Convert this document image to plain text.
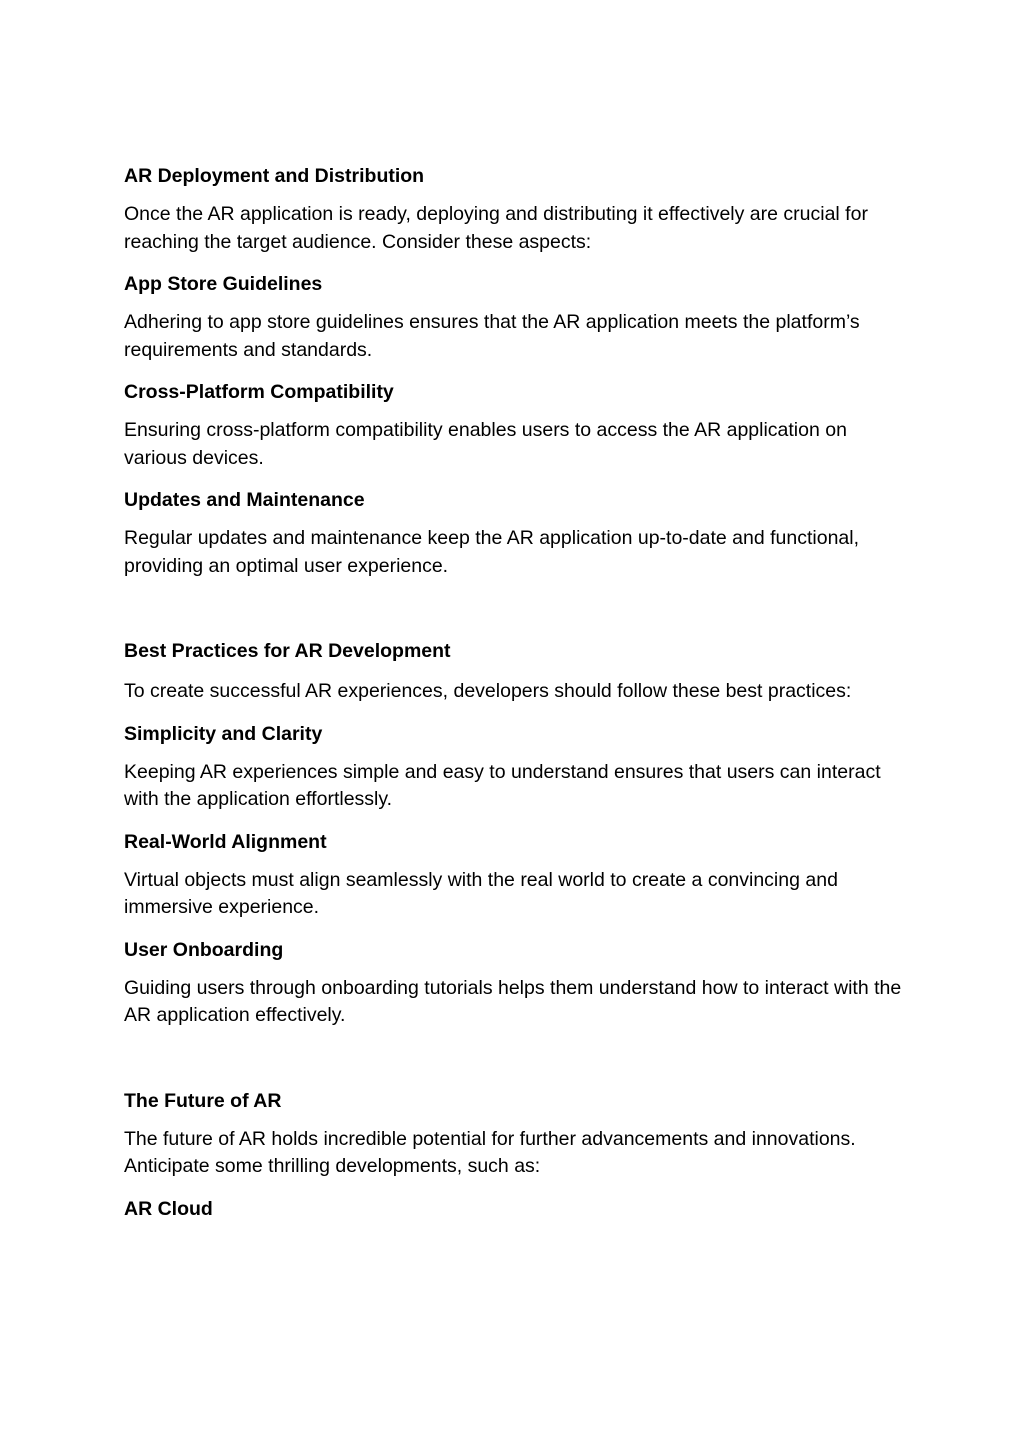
AR Deployment and Distribution

Once the AR application is ready, deploying and distributing it effectively are crucial for reaching the target audience. Consider these aspects:

App Store Guidelines

Adhering to app store guidelines ensures that the AR application meets the platform’s requirements and standards.

Cross-Platform Compatibility

Ensuring cross-platform compatibility enables users to access the AR application on various devices.

Updates and Maintenance

Regular updates and maintenance keep the AR application up-to-date and functional, providing an optimal user experience.

Best Practices for AR Development

To create successful AR experiences, developers should follow these best practices:

Simplicity and Clarity

Keeping AR experiences simple and easy to understand ensures that users can interact with the application effortlessly.

Real-World Alignment

Virtual objects must align seamlessly with the real world to create a convincing and immersive experience.

User Onboarding

Guiding users through onboarding tutorials helps them understand how to interact with the AR application effectively.

The Future of AR

The future of AR holds incredible potential for further advancements and innovations. Anticipate some thrilling developments, such as:

AR Cloud
